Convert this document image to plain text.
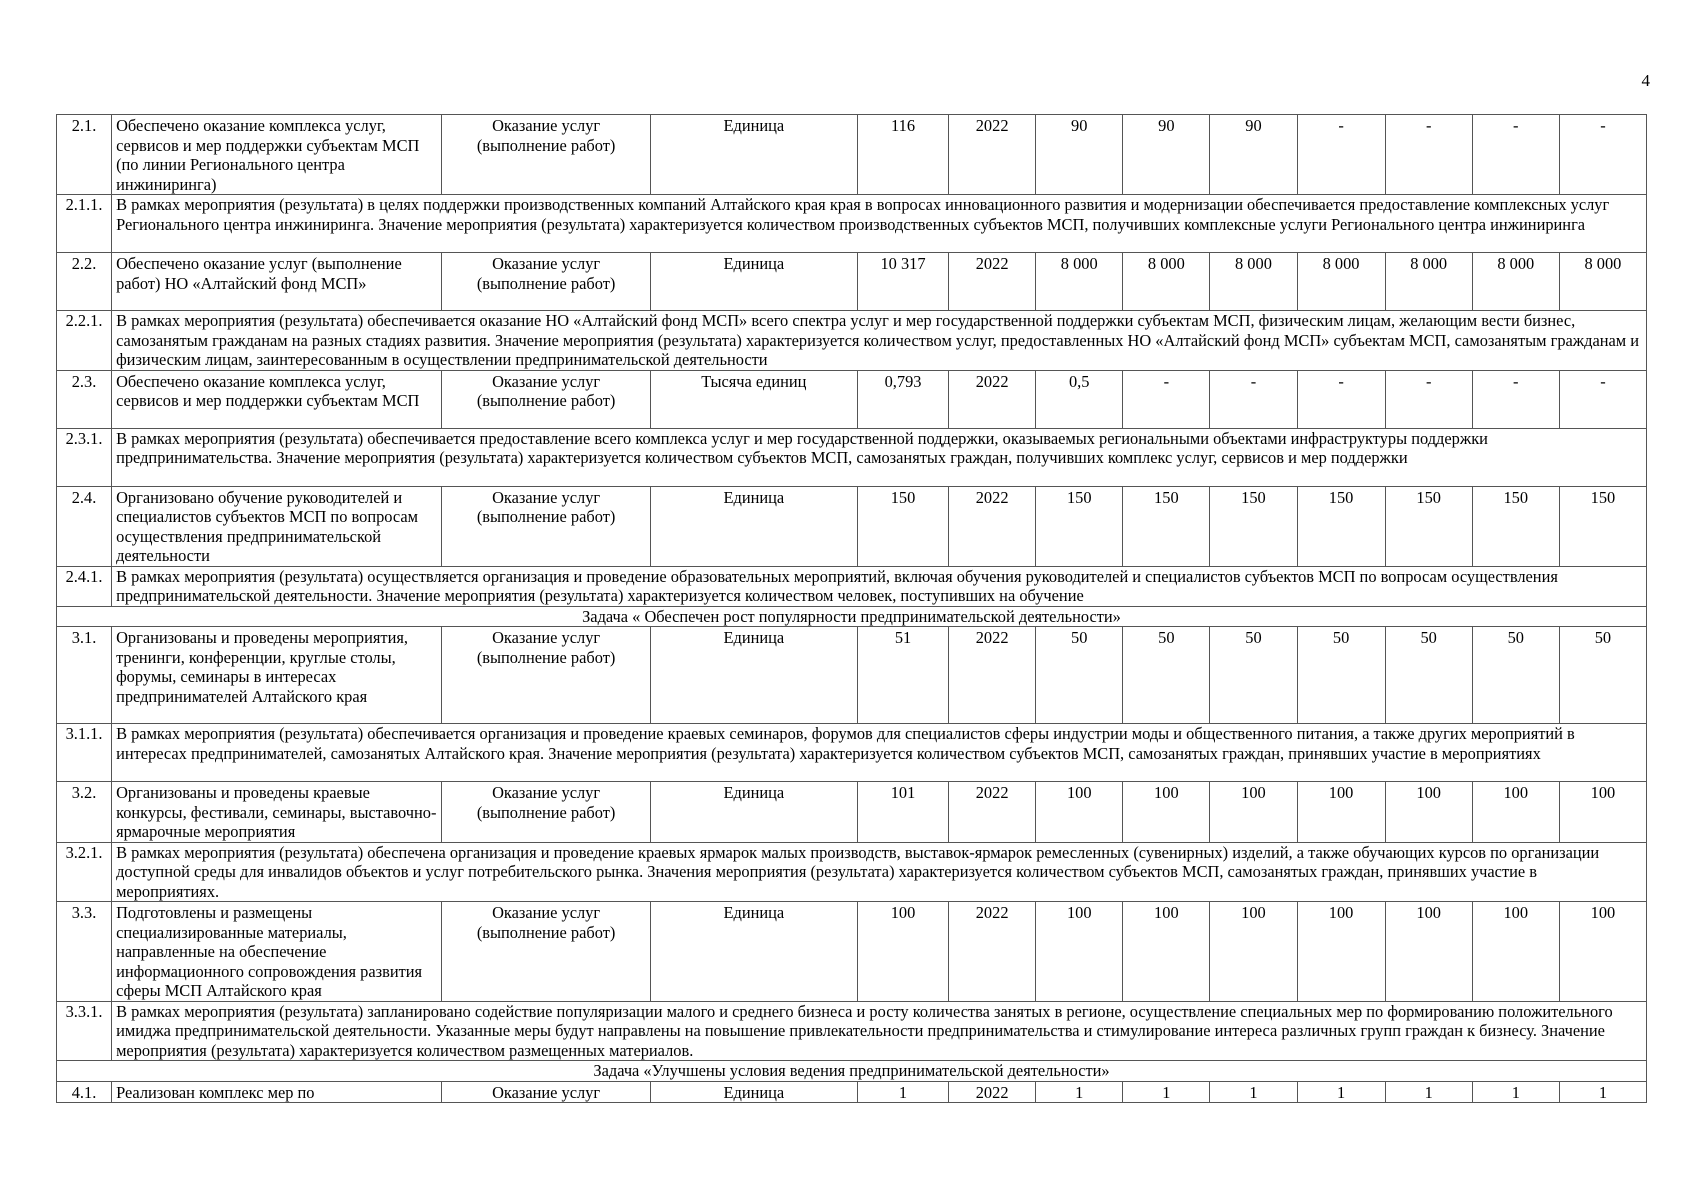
4
2.1.	Обеспечено оказание комплекса услуг, сервисов и мер поддержки субъектам МСП (по линии Регионального центра инжиниринга)	Оказание услуг (выполнение работ)	Единица	116	2022	90	90	90	-	-	-	-
2.1.1.	В рамках мероприятия (результата) в целях поддержки производственных компаний Алтайского края края в вопросах инновационного развития и модернизации обеспечивается предоставление комплексных услуг Регионального центра инжиниринга. Значение мероприятия (результата) характеризуется количеством производственных субъектов МСП, получивших комплексные услуги Регионального центра инжиниринга											
2.2.	Обеспечено оказание услуг (выполнение работ) НО «Алтайский фонд МСП»	Оказание услуг (выполнение работ)	Единица	10 317	2022	8 000	8 000	8 000	8 000	8 000	8 000	8 000
2.2.1.	В рамках мероприятия (результата) обеспечивается оказание НО «Алтайский фонд МСП» всего спектра услуг и мер государственной поддержки субъектам МСП, физическим лицам, желающим вести бизнес, самозанятым гражданам на разных стадиях развития. Значение мероприятия (результата) характеризуется количеством услуг, предоставленных НО «Алтайский фонд МСП» субъектам МСП, самозанятым гражданам и физическим лицам, заинтересованным в осуществлении предпринимательской деятельности											
2.3.	Обеспечено оказание комплекса услуг, сервисов и мер поддержки субъектам МСП	Оказание услуг (выполнение работ)	Тысяча единиц	0,793	2022	0,5	-	-	-	-	-	-
2.3.1.	В рамках мероприятия (результата) обеспечивается предоставление всего комплекса услуг и мер государственной поддержки, оказываемых региональными объектами инфраструктуры поддержки предпринимательства. Значение мероприятия (результата) характеризуется количеством субъектов МСП, самозанятых граждан, получивших комплекс услуг, сервисов и мер поддержки											
2.4.	Организовано обучение руководителей и специалистов субъектов МСП по вопросам осуществления предпринимательской деятельности	Оказание услуг (выполнение работ)	Единица	150	2022	150	150	150	150	150	150	150
2.4.1.	В рамках мероприятия (результата) осуществляется организация и проведение образовательных мероприятий, включая обучения руководителей и специалистов субъектов МСП по вопросам осуществления предпринимательской деятельности. Значение мероприятия (результата) характеризуется количеством человек, поступивших на обучение											
Задача « Обеспечен рост популярности предпринимательской деятельности»												
3.1.	Организованы и проведены мероприятия, тренинги, конференции, круглые столы, форумы, семинары в интересах предпринимателей Алтайского края	Оказание услуг (выполнение работ)	Единица	51	2022	50	50	50	50	50	50	50
3.1.1.	В рамках мероприятия (результата) обеспечивается организация и проведение краевых семинаров, форумов для специалистов сферы индустрии моды и общественного питания, а также других мероприятий в интересах предпринимателей, самозанятых Алтайского края. Значение мероприятия (результата) характеризуется количеством субъектов МСП, самозанятых граждан, принявших участие в мероприятиях											
3.2.	Организованы и проведены краевые конкурсы, фестивали, семинары, выставочно-ярмарочные мероприятия	Оказание услуг (выполнение работ)	Единица	101	2022	100	100	100	100	100	100	100
3.2.1.	В рамках мероприятия (результата) обеспечена организация и проведение краевых ярмарок малых производств, выставок-ярмарок ремесленных (сувенирных) изделий, а также обучающих курсов по организации доступной среды для инвалидов объектов и услуг потребительского рынка. Значения мероприятия (результата) характеризуется количеством субъектов МСП, самозанятых граждан, принявших участие в мероприятиях.											
3.3.	Подготовлены и размещены специализированные материалы, направленные на обеспечение информационного сопровождения развития сферы МСП Алтайского края	Оказание услуг (выполнение работ)	Единица	100	2022	100	100	100	100	100	100	100
3.3.1.	В рамках мероприятия (результата) запланировано содействие популяризации малого и среднего бизнеса и росту количества занятых в регионе, осуществление специальных мер по формированию положительного имиджа предпринимательской деятельности. Указанные меры будут направлены на повышение привлекательности предпринимательства и стимулирование интереса различных групп граждан к бизнесу. Значение мероприятия (результата) характеризуется количеством размещенных материалов.											
Задача «Улучшены условия ведения предпринимательской деятельности»												
4.1.	Реализован комплекс мер по	Оказание услуг	Единица	1	2022	1	1	1	1	1	1	1
